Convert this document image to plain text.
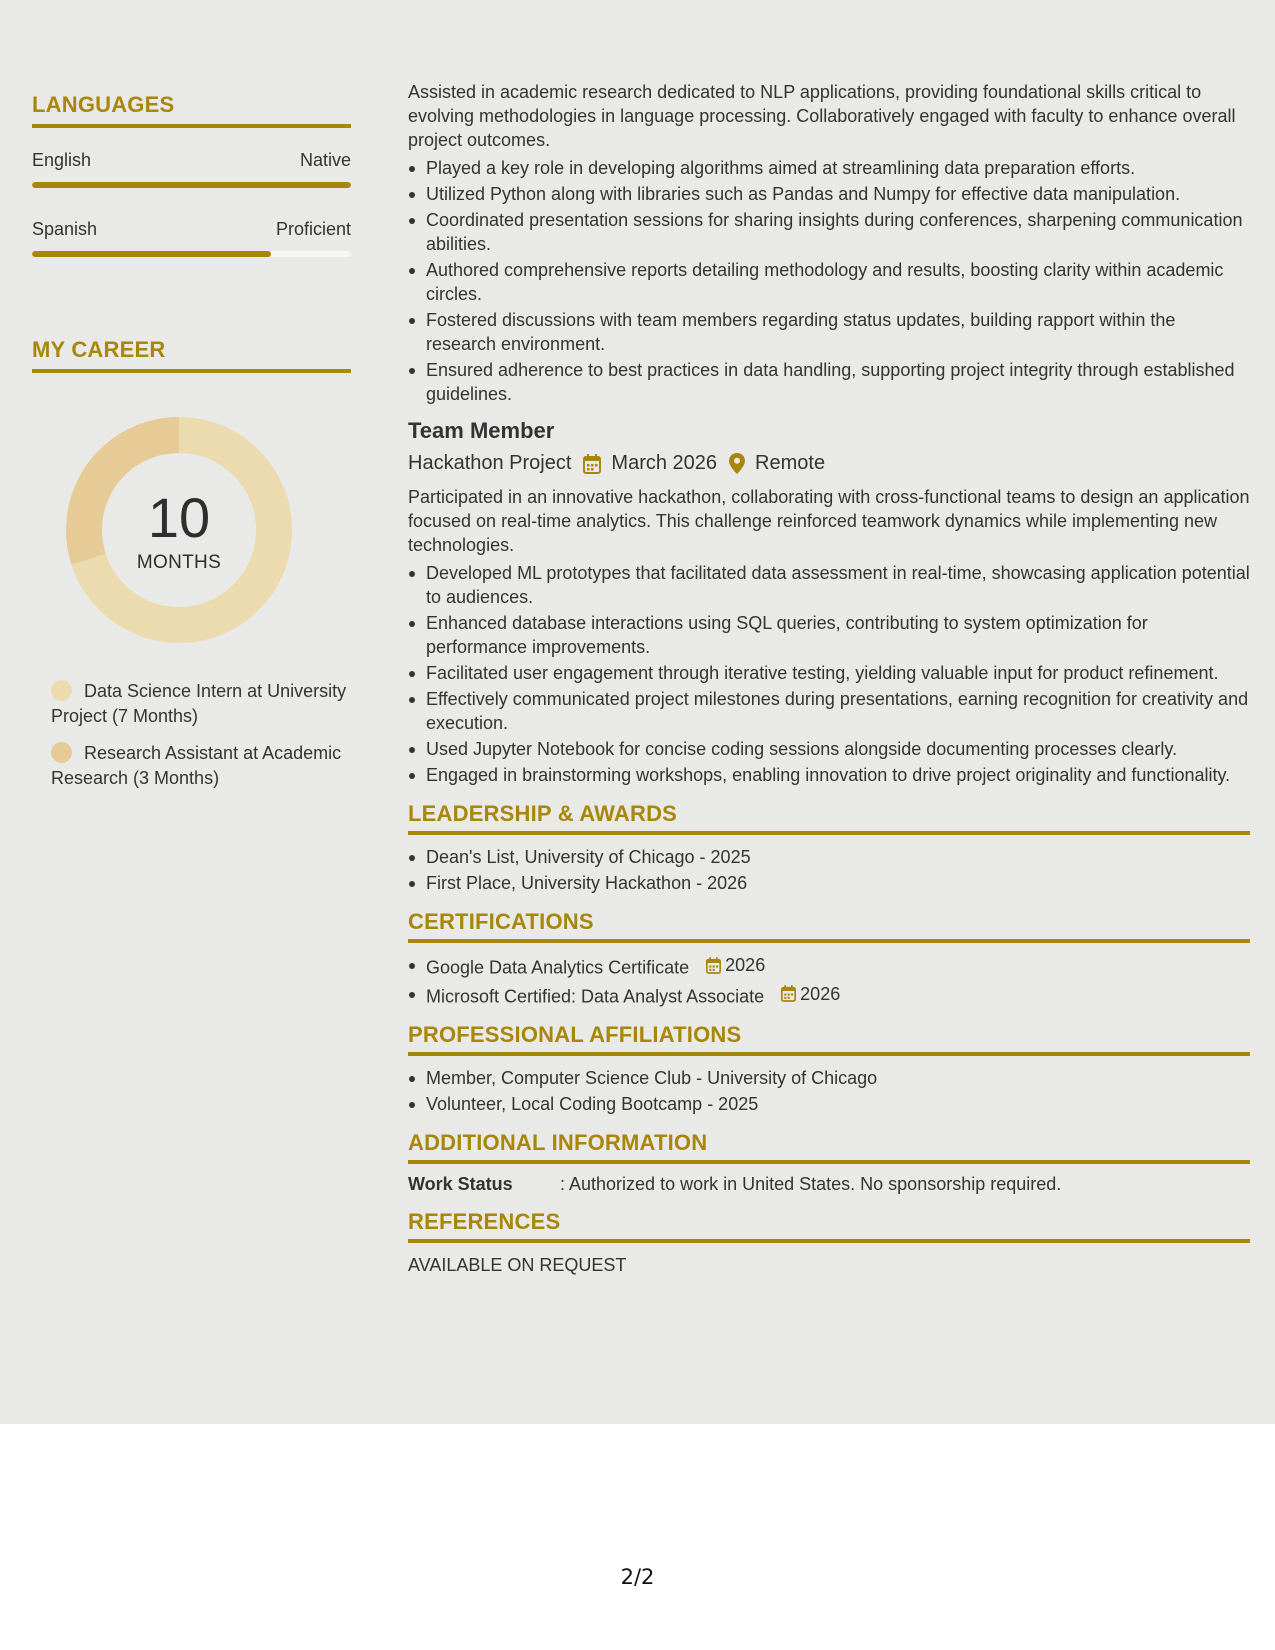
LANGUAGES
English	Native
Spanish	Proficient
MY CAREER
10
MONTHS
Data Science Intern at University Project (7 Months)
Research Assistant at Academic Research (3 Months)

Assisted in academic research dedicated to NLP applications, providing foundational skills critical to evolving methodologies in language processing. Collaboratively engaged with faculty to enhance overall project outcomes.

Played a key role in developing algorithms aimed at streamlining data preparation efforts.
Utilized Python along with libraries such as Pandas and Numpy for effective data manipulation.
Coordinated presentation sessions for sharing insights during conferences, sharpening communication abilities.
Authored comprehensive reports detailing methodology and results, boosting clarity within academic circles.
Fostered discussions with team members regarding status updates, building rapport within the research environment.
Ensured adherence to best practices in data handling, supporting project integrity through established guidelines.
Team Member
Hackathon Project March 2026 Remote

Participated in an innovative hackathon, collaborating with cross-functional teams to design an application focused on real-time analytics. This challenge reinforced teamwork dynamics while implementing new technologies.

Developed ML prototypes that facilitated data assessment in real-time, showcasing application potential to audiences.
Enhanced database interactions using SQL queries, contributing to system optimization for performance improvements.
Facilitated user engagement through iterative testing, yielding valuable input for product refinement.
Effectively communicated project milestones during presentations, earning recognition for creativity and execution.
Used Jupyter Notebook for concise coding sessions alongside documenting processes clearly.
Engaged in brainstorming workshops, enabling innovation to drive project originality and functionality.
LEADERSHIP & AWARDS
Dean's List, University of Chicago - 2025
First Place, University Hackathon - 2026
CERTIFICATIONS
Google Data Analytics Certificate 2026
Microsoft Certified: Data Analyst Associate 2026
PROFESSIONAL AFFILIATIONS
Member, Computer Science Club - University of Chicago
Volunteer, Local Coding Bootcamp - 2025
ADDITIONAL INFORMATION
Work Status	: Authorized to work in United States. No sponsorship required.
REFERENCES
AVAILABLE ON REQUEST
2/2
